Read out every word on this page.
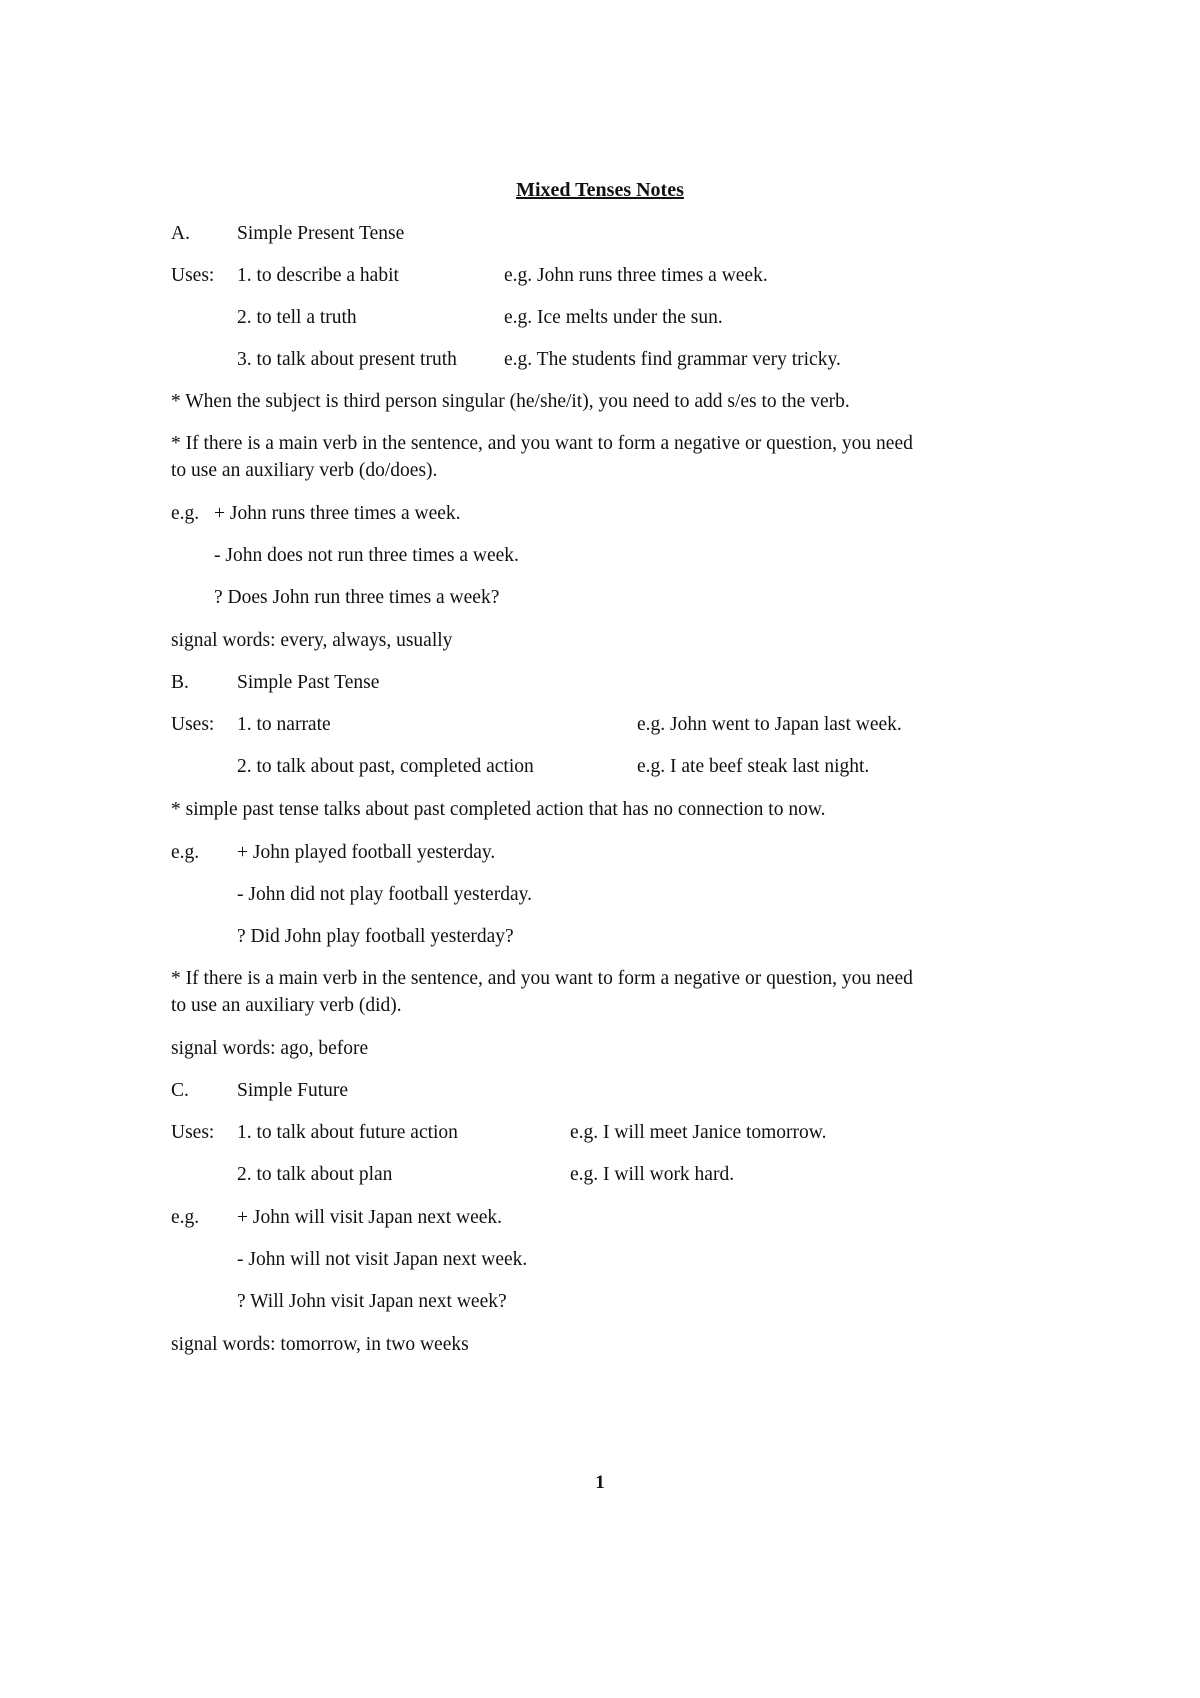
Mixed Tenses Notes
A. Simple Present Tense
Uses: 1. to describe a habit	e.g. John runs three times a week.
2. to tell a truth	e.g. Ice melts under the sun.
3. to talk about present truth e.g. The students find grammar very tricky.
* When the subject is third person singular (he/she/it), you need to add s/es to the verb.
* If there is a main verb in the sentence, and you want to form a negative or question, you need
to use an auxiliary verb (do/does).
e.g. + John runs three times a week.
- John does not run three times a week.
? Does John run three times a week?
signal words: every, always, usually
B. Simple Past Tense
Uses: 1. to narrate	e.g. John went to Japan last week.
2. to talk about past, completed action	e.g. I ate beef steak last night.
* simple past tense talks about past completed action that has no connection to now.
e.g. + John played football yesterday.
- John did not play football yesterday.
? Did John play football yesterday?
* If there is a main verb in the sentence, and you want to form a negative or question, you need
to use an auxiliary verb (did).
signal words: ago, before
C. Simple Future
Uses: 1. to talk about future action	e.g. I will meet Janice tomorrow.
2. to talk about plan	e.g. I will work hard.
e.g. + John will visit Japan next week.
- John will not visit Japan next week.
? Will John visit Japan next week?
signal words: tomorrow, in two weeks
1
